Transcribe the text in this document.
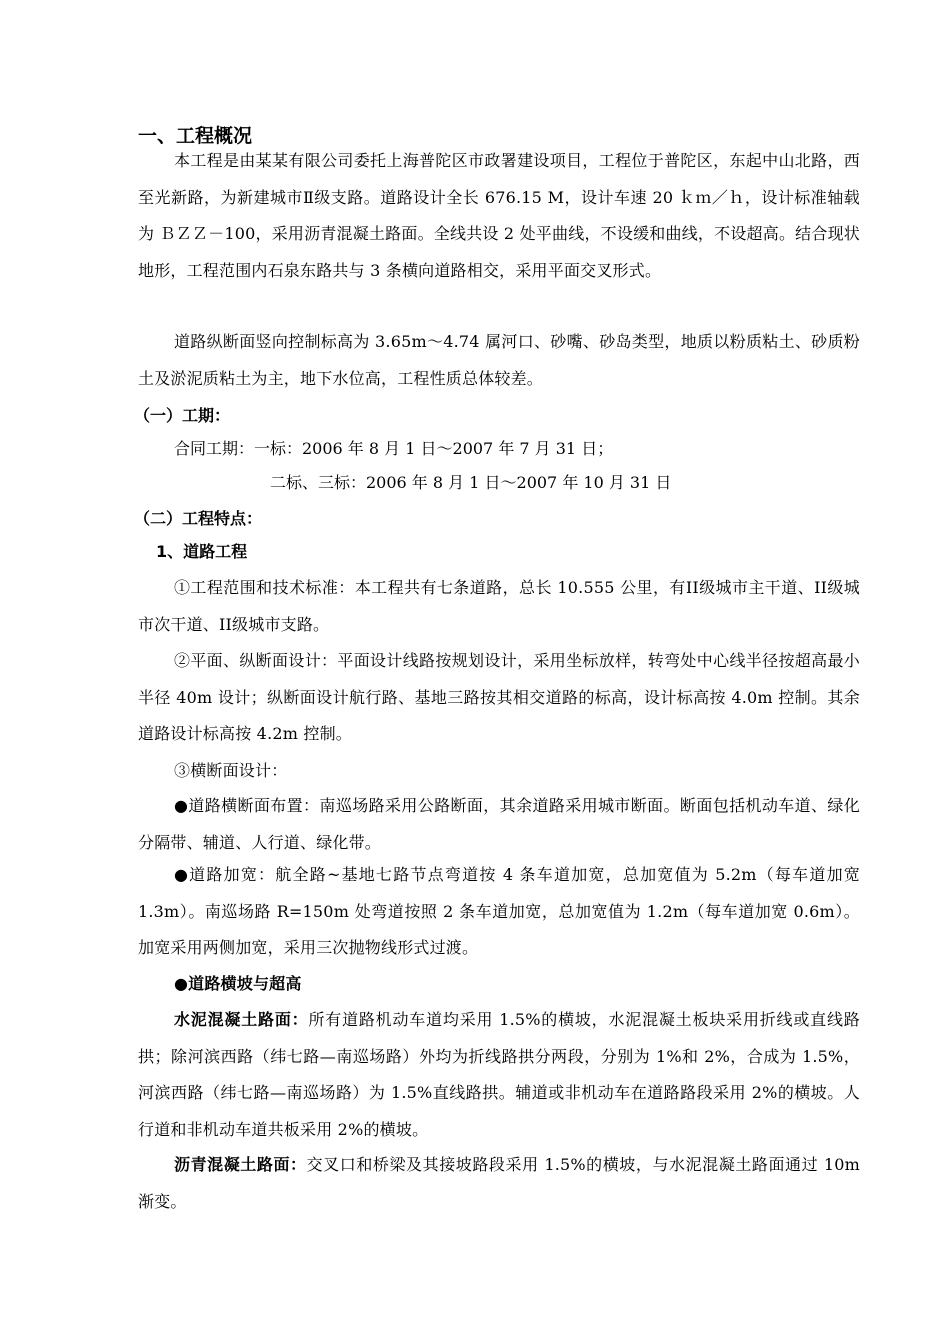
一、工程概况
本工程是由某某有限公司委托上海普陀区市政署建设项目，工程位于普陀区，东起中山北路，西至光新路，为新建城市Ⅱ级支路。道路设计全长 676.15 M，设计车速 20 ｋｍ／ｈ，设计标准轴载为 ＢＺＺ－100，采用沥青混凝土路面。全线共设 2 处平曲线，不设缓和曲线，不设超高。结合现状地形，工程范围内石泉东路共与 3 条横向道路相交，采用平面交叉形式。
道路纵断面竖向控制标高为 3.65m～4.74 属河口、砂嘴、砂岛类型，地质以粉质粘土、砂质粉土及淤泥质粘土为主，地下水位高，工程性质总体较差。
（一）工期：
合同工期：一标：2006 年 8 月 1 日～2007 年 7 月 31 日；
二标、三标：2006 年 8 月 1 日～2007 年 10 月 31 日
（二）工程特点：
1、道路工程
①工程范围和技术标准：本工程共有七条道路，总长 10.555 公里，有II级城市主干道、II级城市次干道、II级城市支路。
②平面、纵断面设计：平面设计线路按规划设计，采用坐标放样，转弯处中心线半径按超高最小半径 40m 设计；纵断面设计航行路、基地三路按其相交道路的标高，设计标高按 4.0m 控制。其余道路设计标高按 4.2m 控制。
③横断面设计：
●道路横断面布置：南巡场路采用公路断面，其余道路采用城市断面。断面包括机动车道、绿化分隔带、辅道、人行道、绿化带。
●道路加宽：航全路~基地七路节点弯道按 4 条车道加宽，总加宽值为 5.2m（每车道加宽 1.3m）。南巡场路 R=150m 处弯道按照 2 条车道加宽，总加宽值为 1.2m（每车道加宽 0.6m）。加宽采用两侧加宽，采用三次抛物线形式过渡。
●道路横坡与超高
水泥混凝土路面：所有道路机动车道均采用 1.5%的横坡，水泥混凝土板块采用折线或直线路拱；除河滨西路（纬七路—南巡场路）外均为折线路拱分两段，分别为 1%和 2%，合成为 1.5%，河滨西路（纬七路—南巡场路）为 1.5%直线路拱。辅道或非机动车在道路路段采用 2%的横坡。人行道和非机动车道共板采用 2%的横坡。
沥青混凝土路面：交叉口和桥梁及其接坡路段采用 1.5%的横坡，与水泥混凝土路面通过 10m 渐变。
